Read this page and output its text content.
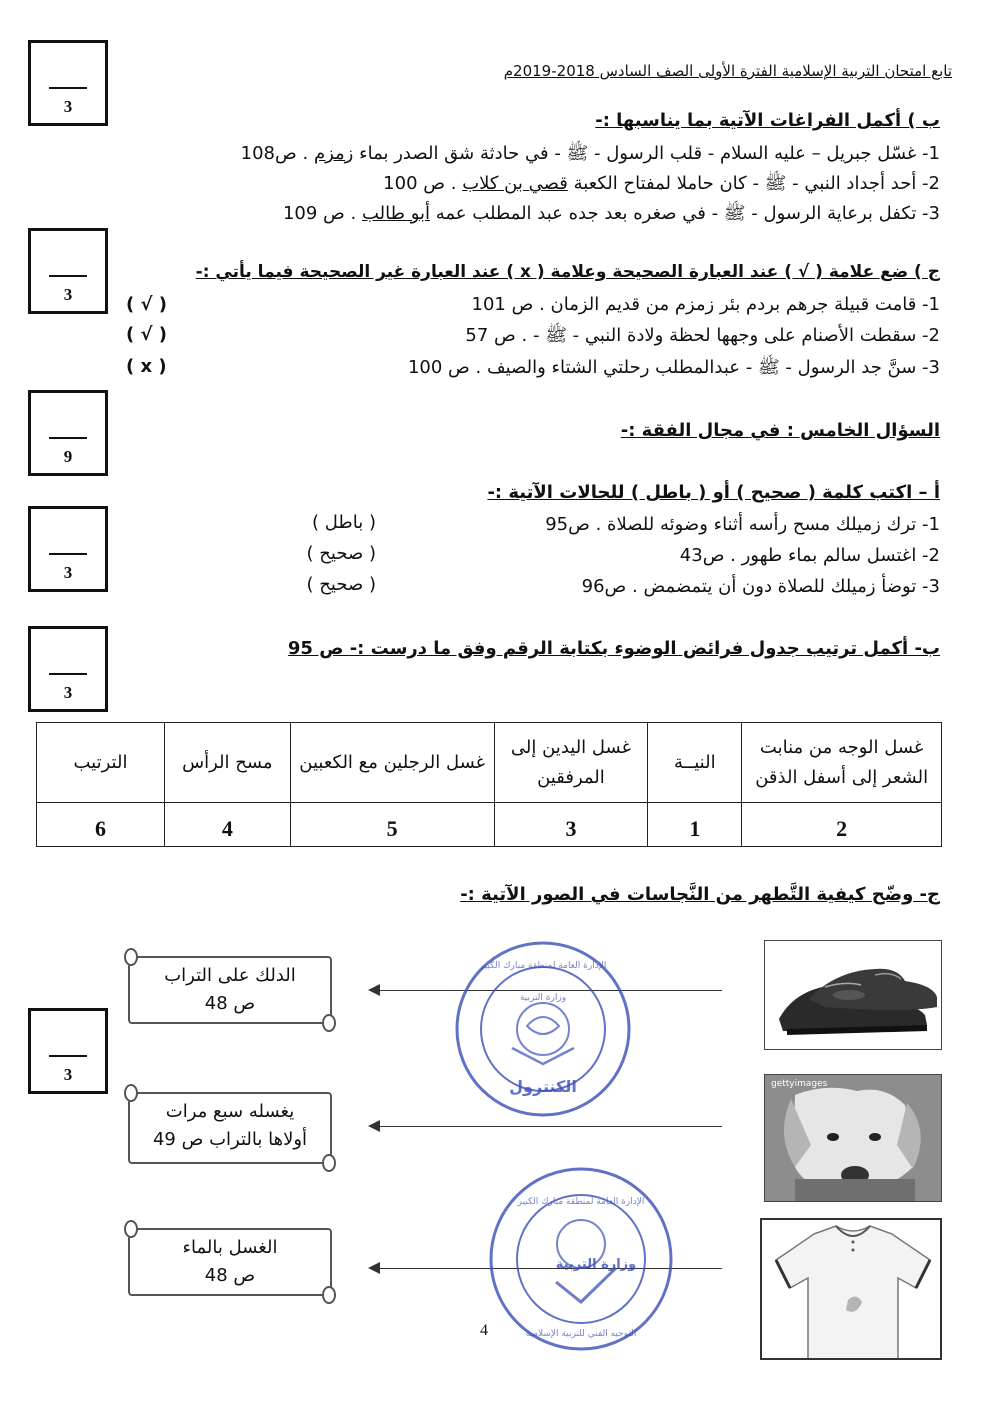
تابع امتحان التربية الإسلامية الفترة الأولى الصف السادس 2018-2019م
3
3
9
3
3
3
ب ) أكمل الفراغات الآتية بما يناسبها :-
1- غسّل جبريل – عليه السلام - قلب الرسول - ﷺ - في حادثة شق الصدر بماء زمزم . ص108
2- أحد أجداد النبي - ﷺ - كان حاملا لمفتاح الكعبة قصي بن كلاب . ص 100
3- تكفل برعاية الرسول - ﷺ - في صغره بعد جده عبد المطلب عمه أبو طالب . ص 109
ج ) ضع علامة ( √ ) عند العبارة الصحيحة وعلامة ( x ) عند العبارة غير الصحيحة فيما يأتي :-
1- قامت قبيلة جرهم بردم بئر زمزم من قديم الزمان . ص 101
( √ )
2- سقطت الأصنام على وجهها لحظة ولادة النبي - ﷺ - . ص 57
( √ )
3- سنَّ جد الرسول - ﷺ - عبدالمطلب رحلتي الشتاء والصيف . ص 100
( x )
السؤال الخامس : في مجال الفقة :-
أ – اكتب كلمة ( صحيح ) أو ( باطل ) للحالات الآتية :-
1- ترك زميلك مسح رأسه أثناء وضوئه للصلاة . ص95
( باطل )
2- اغتسل سالم بماء طهور . ص43
( صحيح )
3- توضأ زميلك للصلاة دون أن يتمضمض . ص96
( صحيح )
ب- أكمل ترتيب جدول فرائض الوضوء بكتابة الرقم وفق ما درست :- ص 95
غسل الوجه من منابت الشعر إلى أسفل الذقن	النيــة	غسل اليدين إلى المرفقين	غسل الرجلين مع الكعبين	مسح الرأس	الترتيب
2	1	3	5	4	6
ج- وضّح كيفية التَّطهر من النَّجاسات في الصور الآتية :-
الدلك على التراب
ص 48
يغسله سبع مرات
أولاها بالتراب ص 49
الغسل بالماء
ص 48
الكنترول
الإدارة العامة لمنطقة مبارك الكبير
وزارة التربية
الإدارة العامة لمنطقة مبارك الكبير
وزارة التربية
التوجيه الفني للتربية الإسلامية
gettyimages
4
